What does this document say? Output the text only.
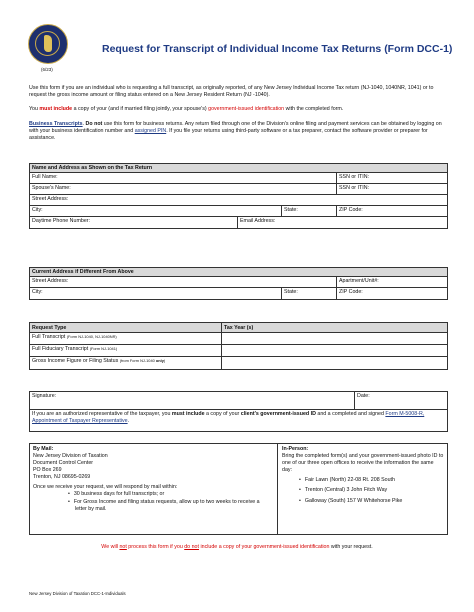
(6/23)
Request for Transcript of Individual Income Tax Returns (Form DCC-1)
Use this form if you are an individual who is requesting a full transcript, as originally reported, of any New Jersey Individual Income Tax return (NJ-1040, 1040NR, 1041) or to request the gross income amount or filing status entered on a New Jersey Resident Return (NJ -1040).
You must include a copy of your (and if married filing jointly, your spouse's) government-issued identification with the completed form.
Business Transcripts. Do not use this form for business returns. Any return filed through one of the Division's online filing and payment services can be obtained by logging on with your business identification number and assigned PIN. If you file your returns using third-party software or a tax preparer, contact the software provider or preparer for assistance.
Name and Address as Shown on the Tax Return
Full Name:	SSN or ITIN:
Spouse's Name:	SSN or ITIN:
Street Address:
City:	State:	ZIP Code:
Daytime Phone Number:	Email Address:
Current Address if Different From Above
Street Address:	Apartment/Unit#:
City:	State:	ZIP Code:
Request Type	Tax Year (s)
Full Transcript (Form NJ-1040, NJ-1040NR)
Full Fiduciary Transcript (Form NJ-1041)
Gross Income Figure or Filing Status (from Form NJ-1040 only)
Signature:	Date:
If you are an authorized representative of the taxpayer, you must include a copy of your client's government-issued ID and a completed and signed Form M-5008-R, Appointment of Taxpayer Representative.
By Mail:
New Jersey Division of Taxation
Document Control Center
PO Box 269
Trenton, NJ 08695-0269
Once we receive your request, we will respond by mail within:
• 30 business days for full transcripts; or
• For Gross Income and filing status requests, allow up to two weeks to receive a letter by mail.
In-Person:
Bring the completed form(s) and your government-issued photo ID to one of our three open offices to receive the information the same day:
• Fair Lawn (North) 22-08 Rt. 208 South
• Trenton (Central) 3 John Fitch Way
• Galloway (South) 157 W Whitehorse Pike
We will not process this form if you do not include a copy of your government-issued identification with your request.
New Jersey Division of Taxation DCC-1-Individuals
